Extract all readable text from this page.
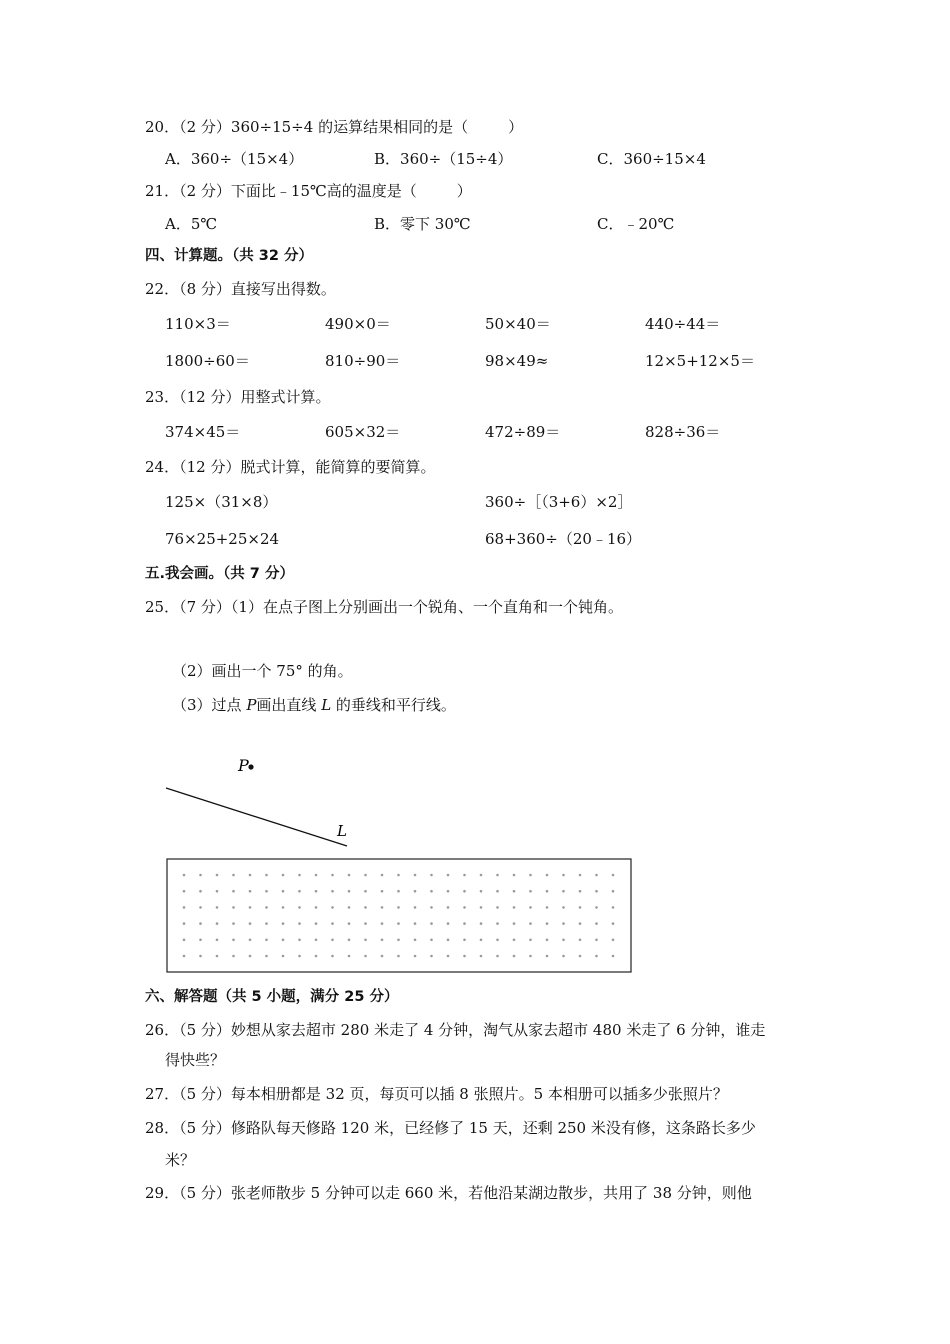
20．（2 分）360÷15÷4 的运算结果相同的是（	）
A．360÷（15×4）	B．360÷（15÷4）	C．360÷15×4
21．（2 分）下面比﹣15℃高的温度是（	）
A．5℃	B．零下 30℃	C．﹣20℃
四、计算题。（共 32 分）
22．（8 分）直接写出得数。
110×3＝	490×0＝	50×40＝	440÷44＝
1800÷60＝	810÷90＝	98×49≈	12×5+12×5＝
23．（12 分）用整式计算。
374×45＝	605×32＝	472÷89＝	828÷36＝
24．（12 分）脱式计算，能简算的要简算。
125×（31×8）	360÷［（3+6）×2］
76×25+25×24	68+360÷（20﹣16）
五.我会画。（共 7 分）
25．（7 分）（1）在点子图上分别画出一个锐角、一个直角和一个钝角。
（2）画出一个 75° 的角。
（3）过点 P画出直线 L 的垂线和平行线。
P
L
六、解答题（共 5 小题，满分 25 分）
26．（5 分）妙想从家去超市 280 米走了 4 分钟，淘气从家去超市 480 米走了 6 分钟，谁走
得快些？
27．（5 分）每本相册都是 32 页，每页可以插 8 张照片。5 本相册可以插多少张照片？
28．（5 分）修路队每天修路 120 米，已经修了 15 天，还剩 250 米没有修，这条路长多少
米？
29．（5 分）张老师散步 5 分钟可以走 660 米，若他沿某湖边散步，共用了 38 分钟，则他
